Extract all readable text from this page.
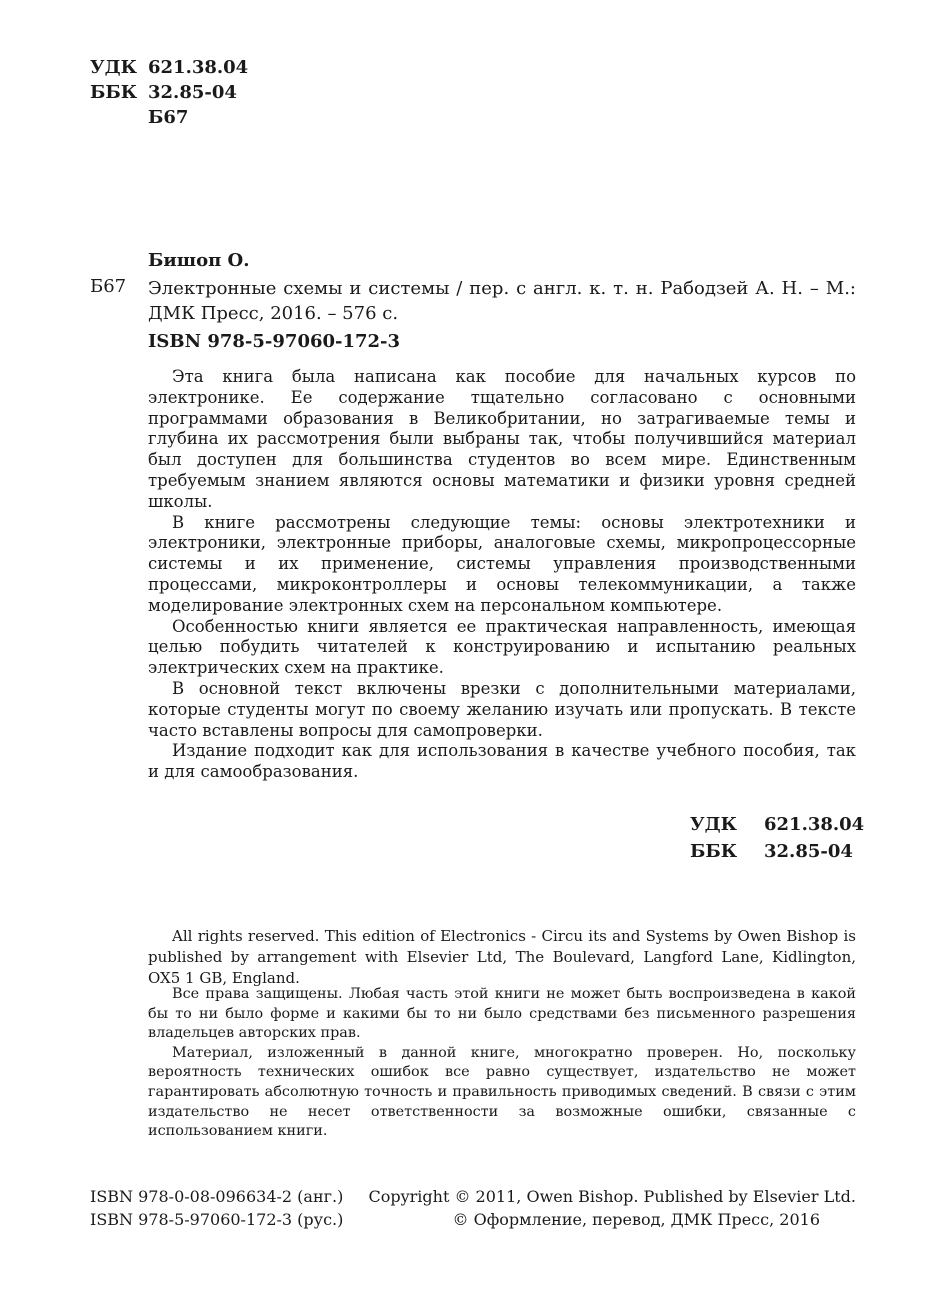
УДК 621.38.04
ББК 32.85-04
Б67
Бишоп О.
Б67 Электронные схемы и системы / пер. с англ. к. т. н. Рабодзей А. Н. – М.: ДМК Пресс, 2016. – 576 с.
ISBN 978-5-97060-172-3

Эта книга была написана как пособие для начальных курсов по электронике. Ее содержание тщательно согласовано с основными программами образования в Великобритании, но затрагиваемые темы и глубина их рассмотрения были выбраны так, чтобы получившийся материал был доступен для большинства студентов во всем мире. Единственным требуемым знанием являются основы математики и физики уровня средней школы.

В книге рассмотрены следующие темы: основы электротехники и электроники, электронные приборы, аналоговые схемы, микропроцессорные системы и их применение, системы управления производственными процессами, микроконтроллеры и основы телекоммуникации, а также моделирование электронных схем на персональном компьютере.

Особенностью книги является ее практическая направленность, имеющая целью побудить читателей к конструированию и испытанию реальных электрических схем на практике.

В основной текст включены врезки с дополнительными материалами, которые студенты могут по своему желанию изучать или пропускать. В тексте часто вставлены вопросы для самопроверки.

Издание подходит как для использования в качестве учебного пособия, так и для самообразования.

УДК	621.38.04
ББК	32.85-04

All rights reserved. This edition of Electronics - Circu its and Systems by Owen Bishop is published by arrangement with Elsevier Ltd, The Boulevard, Langford Lane, Kidlington, OX5 1 GB, England.

Все права защищены. Любая часть этой книги не может быть воспроизведена в какой бы то ни было форме и какими бы то ни было средствами без письменного разрешения владельцев авторских прав.

Материал, изложенный в данной книге, многократно проверен. Но, поскольку вероятность технических ошибок все равно существует, издательство не может гарантировать абсолютную точность и правильность приводимых сведений. В связи с этим издательство не несет ответственности за возможные ошибки, связанные с использованием книги.

ISBN 978-0-08-096634-2 (анг.)
ISBN 978-5-97060-172-3 (рус.)
Copyright © 2011, Owen Bishop. Published by Elsevier Ltd.
© Оформление, перевод, ДМК Пресс, 2016
